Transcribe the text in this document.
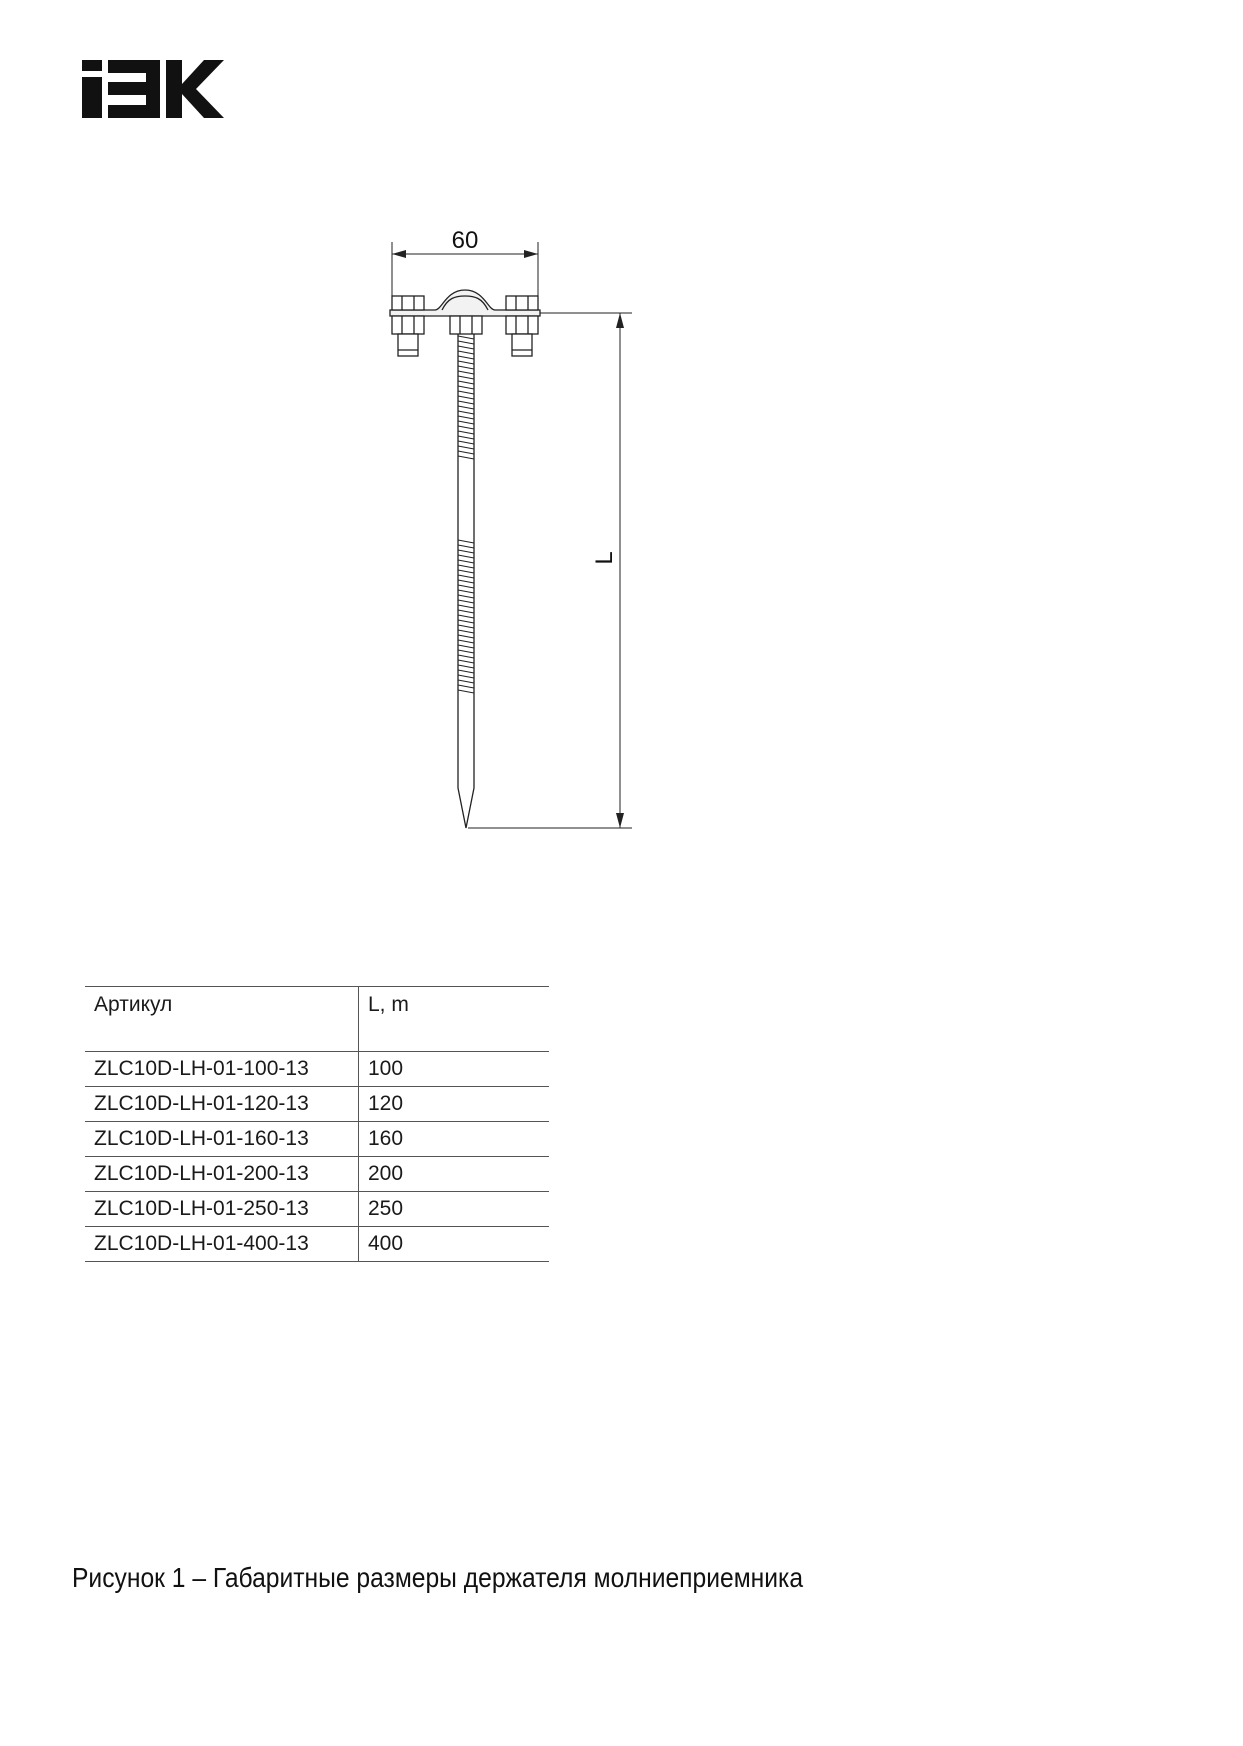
60
L
Артикул	L, m
ZLC10D-LH-01-100-13	100
ZLC10D-LH-01-120-13	120
ZLC10D-LH-01-160-13	160
ZLC10D-LH-01-200-13	200
ZLC10D-LH-01-250-13	250
ZLC10D-LH-01-400-13	400
Рисунок 1 – Габаритные размеры держателя молниеприемника
